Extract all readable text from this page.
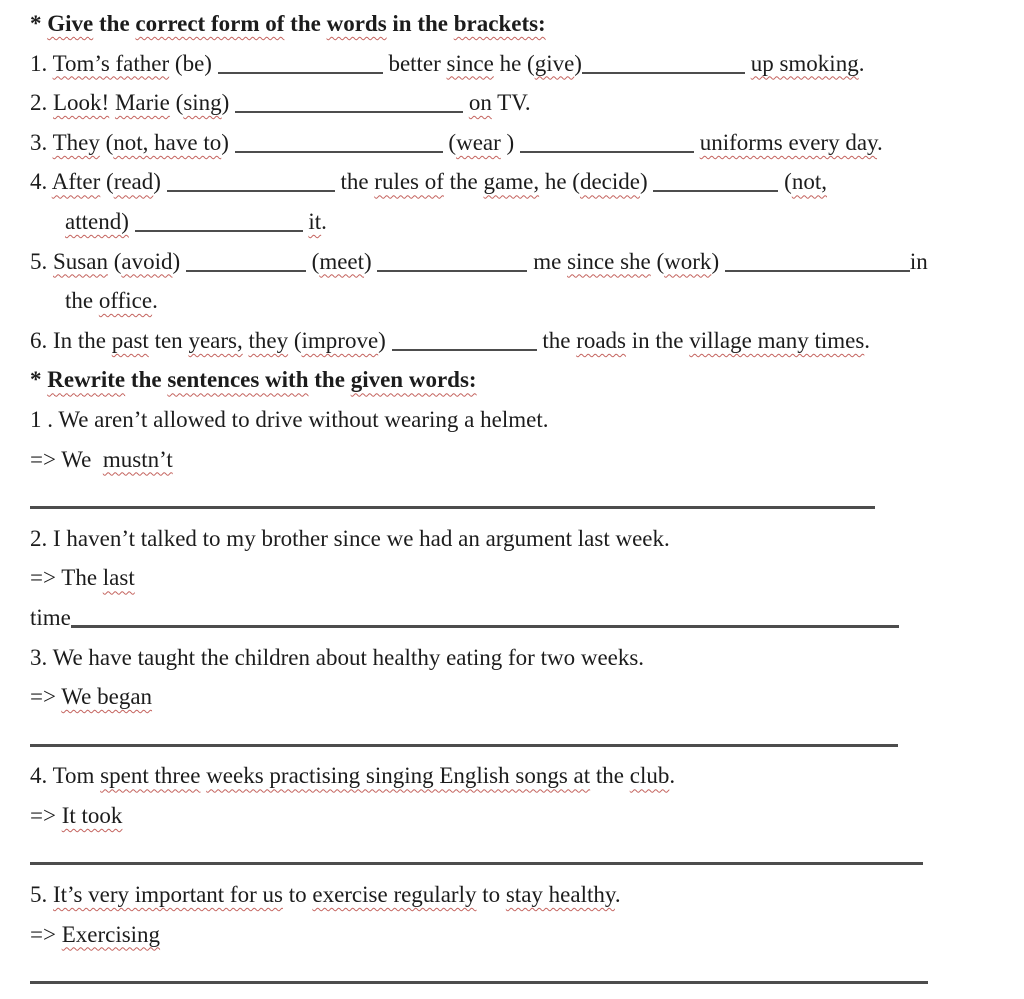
* Give the correct form of the words in the brackets:
1. Tom’s father (be)	better since he (give)	up smoking.
2. Look! Marie (sing)	on TV.
3. They (not, have to)	(wear )	uniforms every day.
4. After (read)	the rules of the game, he (decide)	(not,
attend)	it.
5. Susan (avoid)	(meet)	me since she (work)	in
the office.
6. In the past ten years, they (improve)	the roads in the village many times.
* Rewrite the sentences with the given words:
1 . We aren’t allowed to drive without wearing a helmet.
=> We  mustn’t
2. I haven’t talked to my brother since we had an argument last week.
=> The last
time
3. We have taught the children about healthy eating for two weeks.
=> We began
4. Tom spent three weeks practising singing English songs at the club.
=> It took
5. It’s very important for us to exercise regularly to stay healthy.
=> Exercising
